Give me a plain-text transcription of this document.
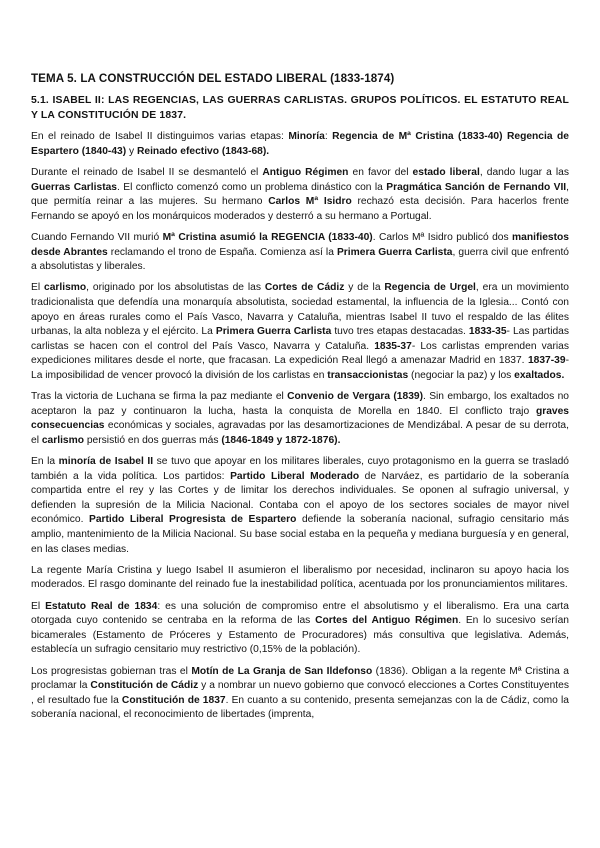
TEMA 5. LA CONSTRUCCIÓN DEL ESTADO LIBERAL (1833-1874)
5.1. ISABEL II: LAS REGENCIAS, LAS GUERRAS CARLISTAS. GRUPOS POLÍTICOS. EL ESTATUTO REAL Y LA CONSTITUCIÓN DE 1837.

En el reinado de Isabel II distinguimos varias etapas: Minoría: Regencia de Mª Cristina (1833-40) Regencia de Espartero (1840-43) y Reinado efectivo (1843-68).

Durante el reinado de Isabel II se desmanteló el Antiguo Régimen en favor del estado liberal, dando lugar a las Guerras Carlistas. El conflicto comenzó como un problema dinástico con la Pragmática Sanción de Fernando VII, que permitía reinar a las mujeres. Su hermano Carlos Mª Isidro rechazó esta decisión. Para hacerlos frente Fernando se apoyó en los monárquicos moderados y desterró a su hermano a Portugal.

Cuando Fernando VII murió Mª Cristina asumió la REGENCIA (1833-40). Carlos Mª Isidro publicó dos manifiestos desde Abrantes reclamando el trono de España. Comienza así la Primera Guerra Carlista, guerra civil que enfrentó a absolutistas y liberales.

El carlismo, originado por los absolutistas de las Cortes de Cádiz y de la Regencia de Urgel, era un movimiento tradicionalista que defendía una monarquía absolutista, sociedad estamental, la influencia de la Iglesia... Contó con apoyo en áreas rurales como el País Vasco, Navarra y Cataluña, mientras Isabel II tuvo el respaldo de las élites urbanas, la alta nobleza y el ejército. La Primera Guerra Carlista tuvo tres etapas destacadas. 1833-35- Las partidas carlistas se hacen con el control del País Vasco, Navarra y Cataluña. 1835-37- Los carlistas emprenden varias expediciones militares desde el norte, que fracasan. La expedición Real llegó a amenazar Madrid en 1837. 1837-39- La imposibilidad de vencer provocó la división de los carlistas en transaccionistas (negociar la paz) y los exaltados.

Tras la victoria de Luchana se firma la paz mediante el Convenio de Vergara (1839). Sin embargo, los exaltados no aceptaron la paz y continuaron la lucha, hasta la conquista de Morella en 1840. El conflicto trajo graves consecuencias económicas y sociales, agravadas por las desamortizaciones de Mendizábal. A pesar de su derrota, el carlismo persistió en dos guerras más (1846-1849 y 1872-1876).

En la minoría de Isabel II se tuvo que apoyar en los militares liberales, cuyo protagonismo en la guerra se trasladó también a la vida política. Los partidos: Partido Liberal Moderado de Narváez, es partidario de la soberanía compartida entre el rey y las Cortes y de limitar los derechos individuales. Se oponen al sufragio universal, y defienden la supresión de la Milicia Nacional. Contaba con el apoyo de los sectores sociales de mayor nivel económico. Partido Liberal Progresista de Espartero defiende la soberanía nacional, sufragio censitario más amplio, mantenimiento de la Milicia Nacional. Su base social estaba en la pequeña y mediana burguesía y en general, en las clases medias.

La regente María Cristina y luego Isabel II asumieron el liberalismo por necesidad, inclinaron su apoyo hacia los moderados. El rasgo dominante del reinado fue la inestabilidad política, acentuada por los pronunciamientos militares.

El Estatuto Real de 1834: es una solución de compromiso entre el absolutismo y el liberalismo. Era una carta otorgada cuyo contenido se centraba en la reforma de las Cortes del Antiguo Régimen. En lo sucesivo serían bicamerales (Estamento de Próceres y Estamento de Procuradores) más consultiva que legislativa. Además, establecía un sufragio censitario muy restrictivo (0,15% de la población).

Los progresistas gobiernan tras el Motín de La Granja de San Ildefonso (1836). Obligan a la regente Mª Cristina a proclamar la Constitución de Cádiz y a nombrar un nuevo gobierno que convocó elecciones a Cortes Constituyentes , el resultado fue la Constitución de 1837. En cuanto a su contenido, presenta semejanzas con la de Cádiz, como la soberanía nacional, el reconocimiento de libertades (imprenta,
